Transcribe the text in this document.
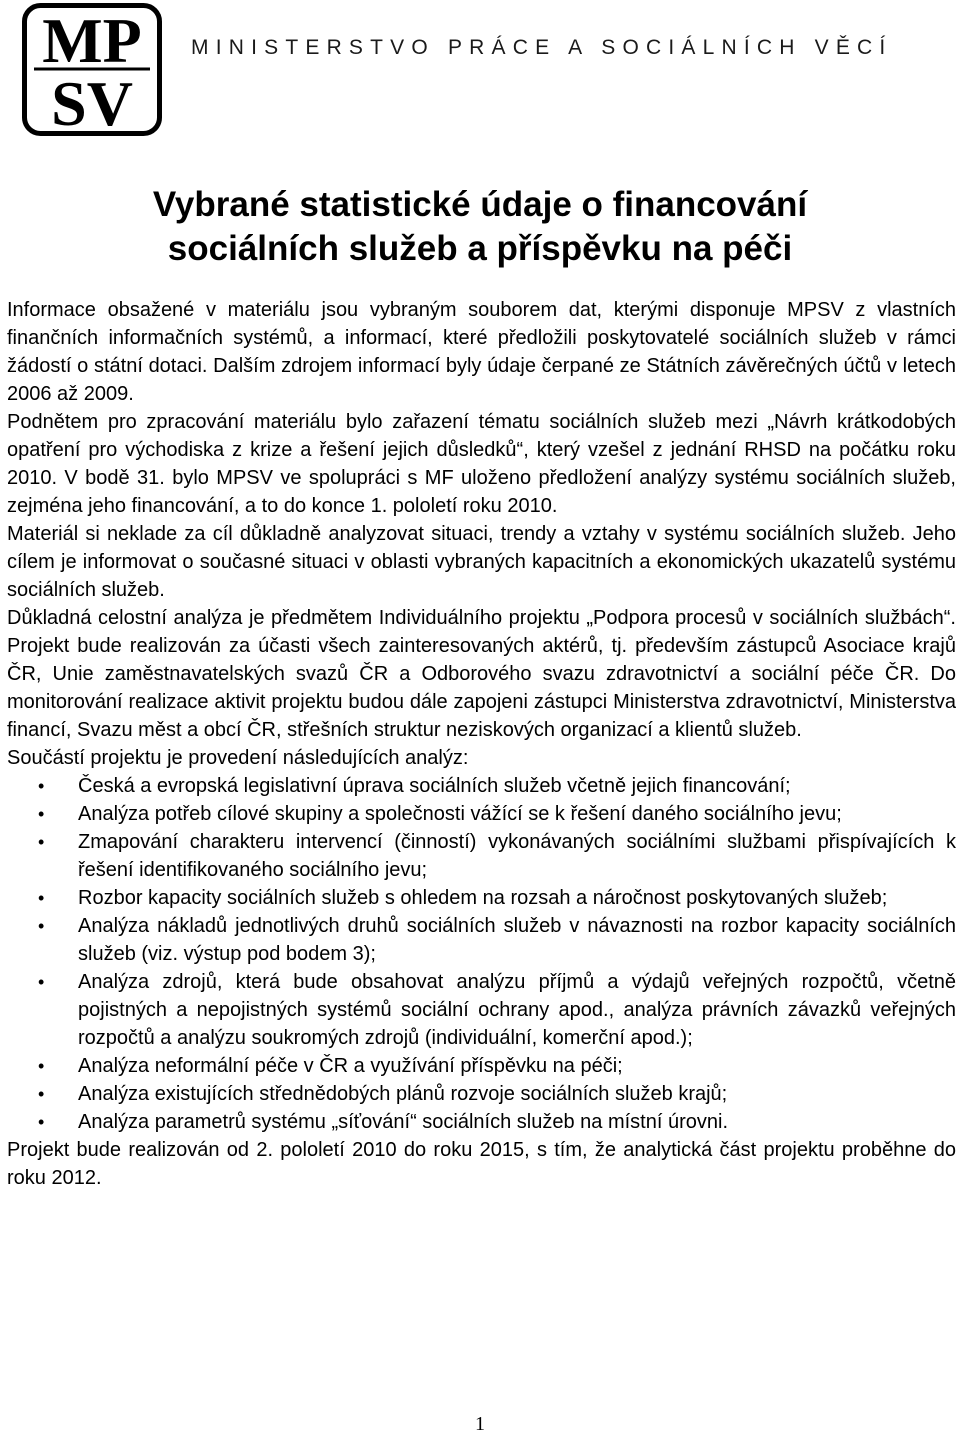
MP
SV
MINISTERSTVO PRÁCE A SOCIÁLNÍCH VĚCÍ
Vybrané statistické údaje o financování
sociálních služeb a příspěvku na péči

Informace obsažené v materiálu jsou vybraným souborem dat, kterými disponuje MPSV z vlastních finančních informačních systémů, a informací, které předložili poskytovatelé sociálních služeb v rámci žádostí o státní dotaci. Dalším zdrojem informací byly údaje čerpané ze Státních závěrečných účtů v letech 2006 až 2009.

Podnětem pro zpracování materiálu bylo zařazení tématu sociálních služeb mezi „Návrh krátkodobých opatření pro východiska z krize a řešení jejich důsledků“, který vzešel z jednání RHSD na počátku roku 2010. V bodě 31. bylo MPSV ve spolupráci s MF uloženo předložení analýzy systému sociálních služeb, zejména jeho financování, a to do konce 1. pololetí roku 2010.

Materiál si neklade za cíl důkladně analyzovat situaci, trendy a vztahy v systému sociálních služeb. Jeho cílem je informovat o současné situaci v oblasti vybraných kapacitních a ekonomických ukazatelů systému sociálních služeb.

Důkladná celostní analýza je předmětem Individuálního projektu „Podpora procesů v sociálních službách“. Projekt bude realizován za účasti všech zainteresovaných aktérů, tj. především zástupců Asociace krajů ČR, Unie zaměstnavatelských svazů ČR a Odborového svazu zdravotnictví a sociální péče ČR. Do monitorování realizace aktivit projektu budou dále zapojeni zástupci Ministerstva zdravotnictví, Ministerstva financí, Svazu měst a obcí ČR, střešních struktur neziskových organizací a klientů služeb.

Součástí projektu je provedení následujících analýz:

• Česká a evropská legislativní úprava sociálních služeb včetně jejich financování;
• Analýza potřeb cílové skupiny a společnosti vážící se k řešení daného sociálního jevu;
• Zmapování charakteru intervencí (činností) vykonávaných sociálními službami přispívajících k řešení identifikovaného sociálního jevu;
• Rozbor kapacity sociálních služeb s ohledem na rozsah a náročnost poskytovaných služeb;
• Analýza nákladů jednotlivých druhů sociálních služeb v návaznosti na rozbor kapacity sociálních služeb (viz. výstup pod bodem 3);
• Analýza zdrojů, která bude obsahovat analýzu příjmů a výdajů veřejných rozpočtů, včetně pojistných a nepojistných systémů sociální ochrany apod., analýza právních závazků veřejných rozpočtů a analýzu soukromých zdrojů (individuální, komerční apod.);
• Analýza neformální péče v ČR a využívání příspěvku na péči;
• Analýza existujících střednědobých plánů rozvoje sociálních služeb krajů;
• Analýza parametrů systému „síťování“ sociálních služeb na místní úrovni.

Projekt bude realizován od 2. pololetí 2010 do roku 2015, s tím, že analytická část projektu proběhne do roku 2012.

1
